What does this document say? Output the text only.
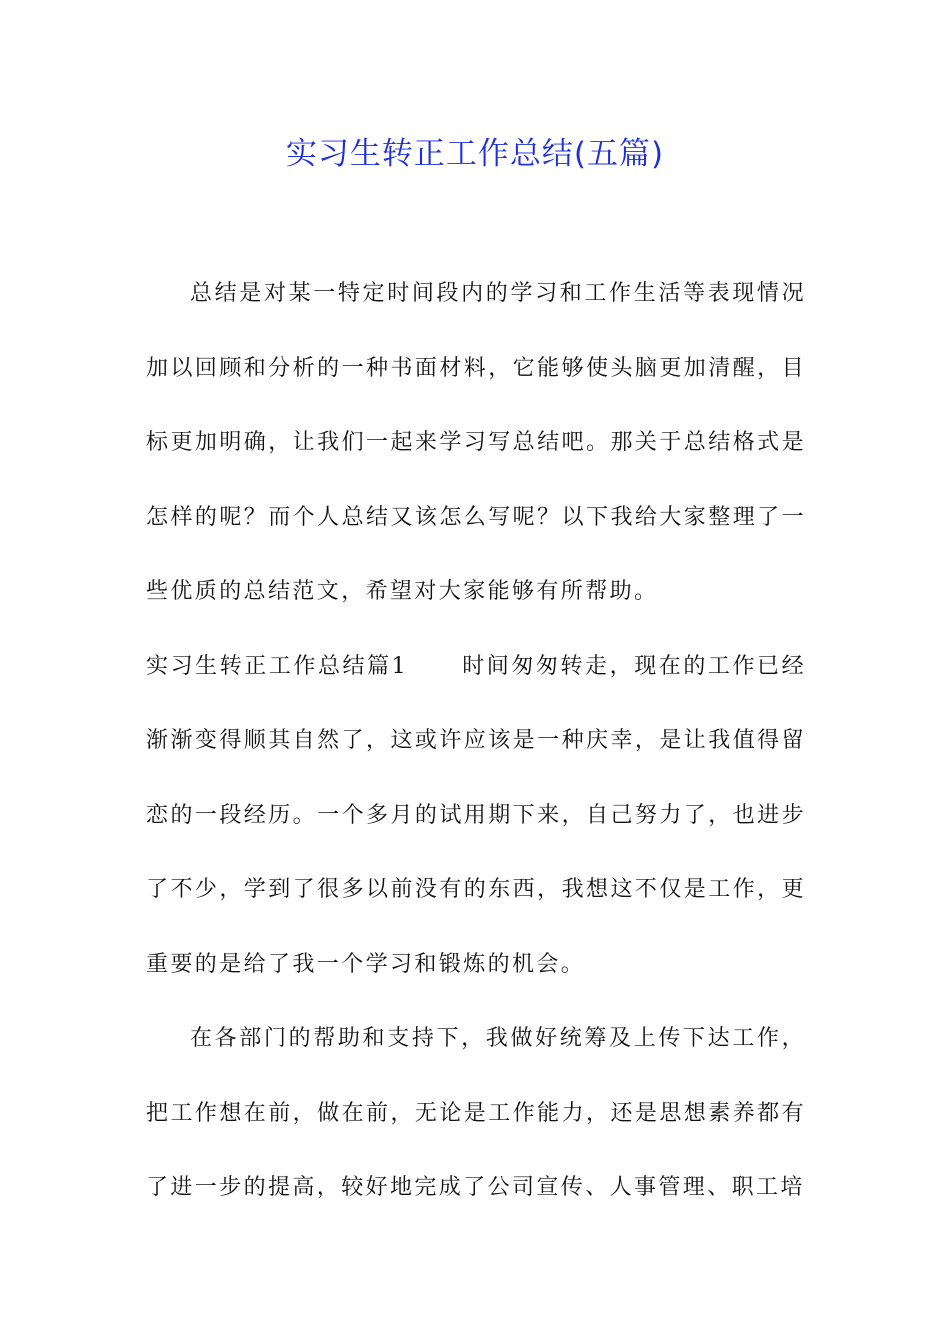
实习生转正工作总结(五篇)

总结是对某一特定时间段内的学习和工作生活等表现情况加以回顾和分析的一种书面材料，它能够使头脑更加清醒，目标更加明确，让我们一起来学习写总结吧。那关于总结格式是怎样的呢？而个人总结又该怎么写呢？以下我给大家整理了一些优质的总结范文，希望对大家能够有所帮助。

实习生转正工作总结篇1 时间匆匆转走，现在的工作已经渐渐变得顺其自然了，这或许应该是一种庆幸，是让我值得留恋的一段经历。一个多月的试用期下来，自己努力了，也进步了不少，学到了很多以前没有的东西，我想这不仅是工作，更重要的是给了我一个学习和锻炼的机会。

在各部门的帮助和支持下，我做好统筹及上传下达工作，把工作想在前，做在前，无论是工作能力，还是思想素养都有了进一步的提高，较好地完成了公司宣传、人事管理、职工培
